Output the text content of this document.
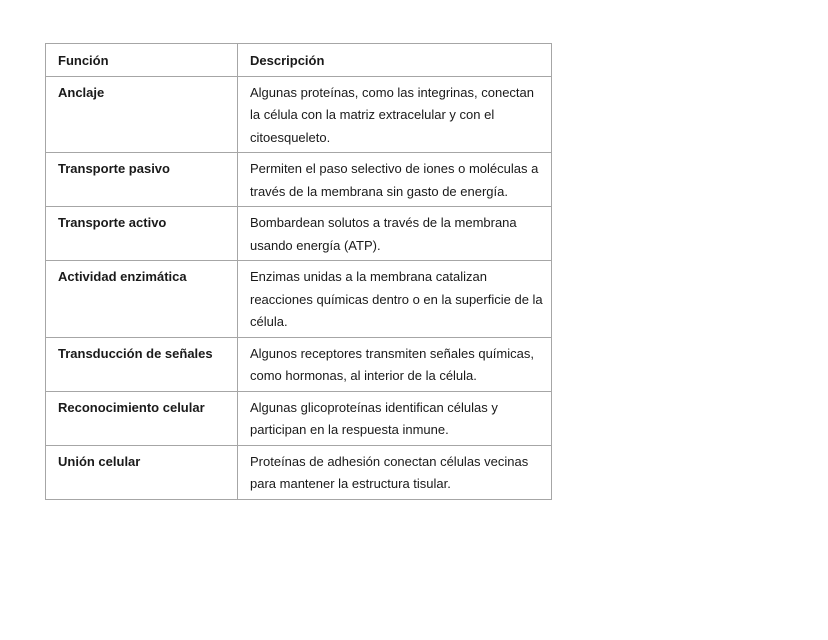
Función	Descripción
Anclaje	Algunas proteínas, como las integrinas, conectan la célula con la matriz extracelular y con el citoesqueleto.
Transporte pasivo	Permiten el paso selectivo de iones o moléculas a través de la membrana sin gasto de energía.
Transporte activo	Bombardean solutos a través de la membrana usando energía (ATP).
Actividad enzimática	Enzimas unidas a la membrana catalizan reacciones químicas dentro o en la superficie de la célula.
Transducción de señales	Algunos receptores transmiten señales químicas, como hormonas, al interior de la célula.
Reconocimiento celular	Algunas glicoproteínas identifican células y participan en la respuesta inmune.
Unión celular	Proteínas de adhesión conectan células vecinas para mantener la estructura tisular.
